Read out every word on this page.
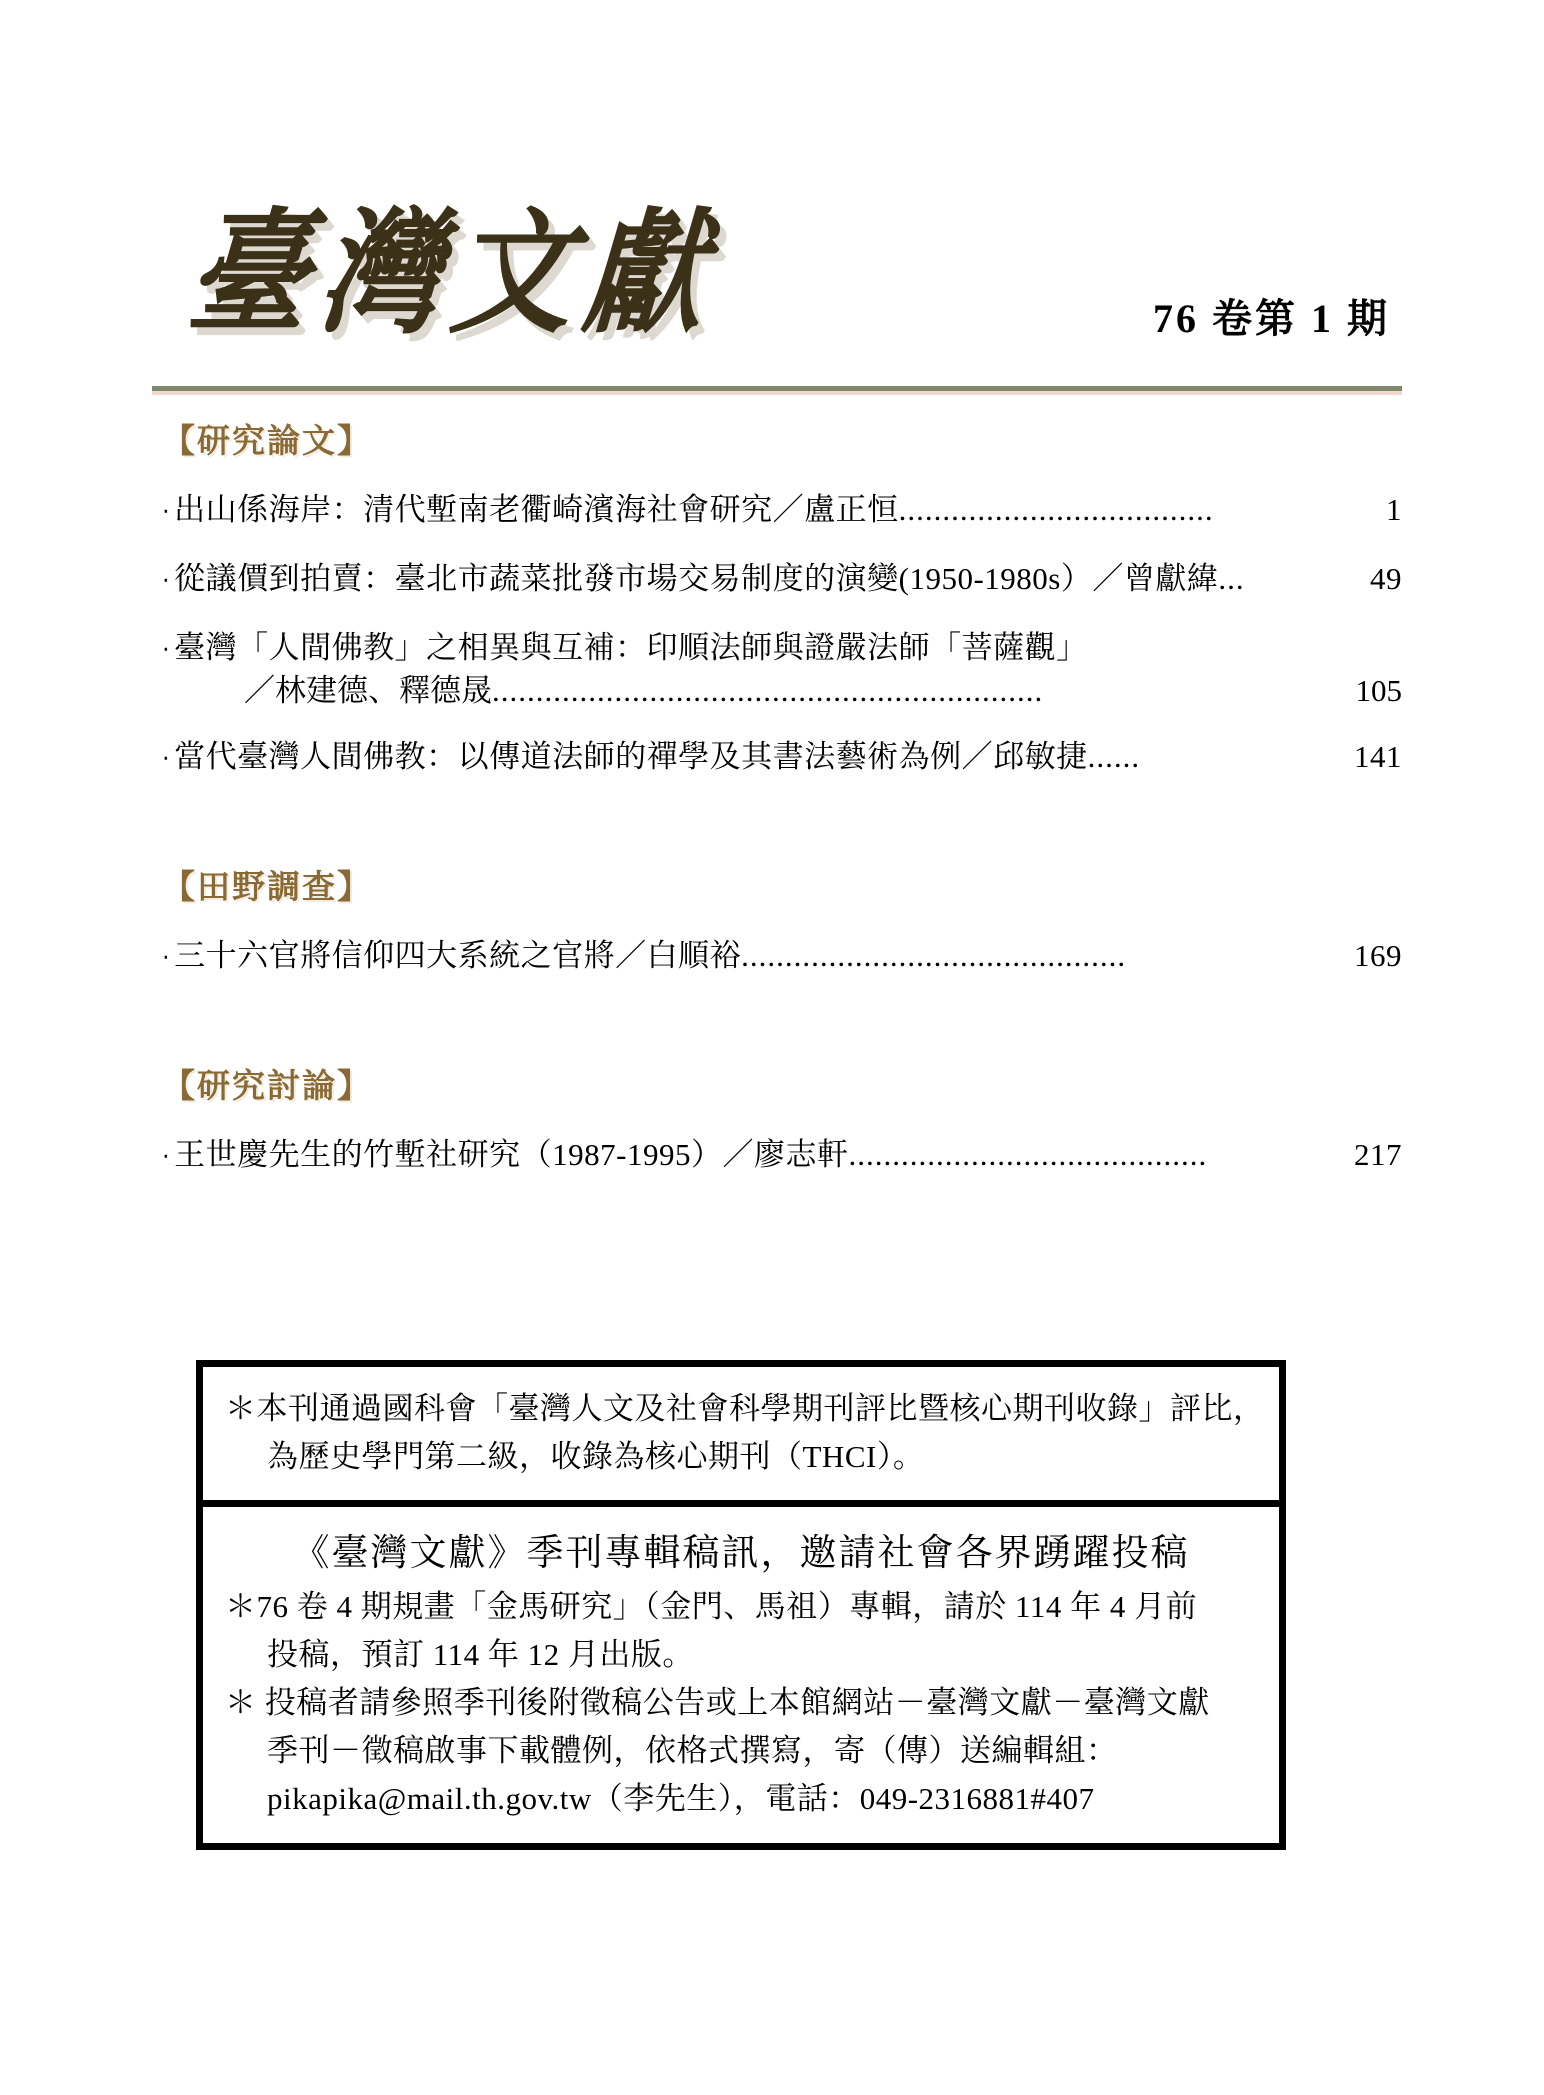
臺灣文獻	76 卷第 1 期
【研究論文】
‧ 出山係海岸：清代塹南老衢崎濱海社會研究／盧正恒 ....................................	1
‧ 從議價到拍賣：臺北市蔬菜批發市場交易制度的演變(1950-1980s）／曾獻緯 ...	49
‧ 臺灣「人間佛教」之相異與互補：印順法師與證嚴法師「菩薩觀」
／林建德、釋德晟 ...............................................................	105
‧ 當代臺灣人間佛教：以傳道法師的禪學及其書法藝術為例／邱敏捷 ......	141
【田野調查】
‧ 三十六官將信仰四大系統之官將／白順裕 ............................................	169
【研究討論】
‧ 王世慶先生的竹塹社研究（1987-1995）／廖志軒 .........................................	217
＊本刊通過國科會「臺灣人文及社會科學期刊評比暨核心期刊收錄」評比，
為歷史學門第二級，收錄為核心期刊（THCI）。
《臺灣文獻》季刊專輯稿訊，邀請社會各界踴躍投稿
＊76 卷 4 期規畫「金馬研究」（金門、馬祖）專輯，請於 114 年 4 月前
投稿，預訂 114 年 12 月出版。
＊ 投稿者請參照季刊後附徵稿公告或上本館網站－臺灣文獻－臺灣文獻
季刊－徵稿啟事下載體例，依格式撰寫，寄（傳）送編輯組：
pikapika@mail.th.gov.tw（李先生），電話：049-2316881#407
